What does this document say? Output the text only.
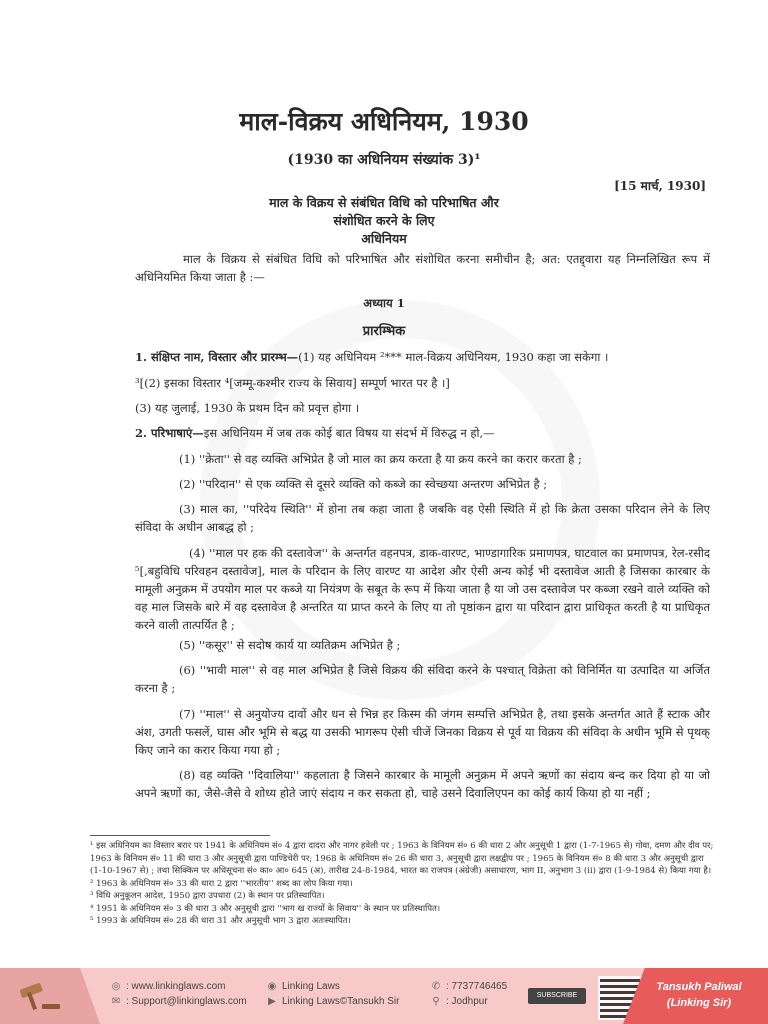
माल-विक्रय अधिनियम, 1930
(1930 का अधिनियम संख्यांक 3)¹
[15 मार्च, 1930]
माल के विक्रय से संबंधित विधि को परिभाषित और
संशोधित करने के लिए
अधिनियम
माल के विक्रय से संबंधित विधि को परिभाषित और संशोधित करना समीचीन है; अत: एतद्द्वारा यह निम्नलिखित रूप में अधिनियमित किया जाता है :—
अध्याय 1
प्रारम्भिक
1. संक्षिप्त नाम, विस्तार और प्रारम्भ—(1) यह अधिनियम ²*** माल-विक्रय अधिनियम, 1930 कहा जा सकेगा ।
³[(2) इसका विस्तार ⁴[जम्मू-कश्मीर राज्य के सिवाय] सम्पूर्ण भारत पर है ।]
(3) यह जुलाई, 1930 के प्रथम दिन को प्रवृत्त होगा ।
2. परिभाषाएं—इस अधिनियम में जब तक कोई बात विषय या संदर्भ में विरुद्ध न हो,—
(1) ''क्रेता'' से वह व्यक्ति अभिप्रेत है जो माल का क्रय करता है या क्रय करने का करार करता है ;
(2) ''परिदान'' से एक व्यक्ति से दूसरे व्यक्ति को कब्जे का स्वेच्छया अन्तरण अभिप्रेत है ;
(3) माल का, ''परिदेय स्थिति'' में होना तब कहा जाता है जबकि वह ऐसी स्थिति में हो कि क्रेता उसका परिदान लेने के लिए संविदा के अधीन आबद्ध हो ;
(4) ''माल पर हक की दस्तावेज'' के अन्तर्गत वहनपत्र, डाक-वारण्ट, भाण्डागारिक प्रमाणपत्र, घाटवाल का प्रमाणपत्र, रेल-रसीद ⁵[,बहुविधि परिवहन दस्तावेज], माल के परिदान के लिए वारण्ट या आदेश और ऐसी अन्य कोई भी दस्तावेज आती है जिसका कारबार के मामूली अनुक्रम में उपयोग माल पर कब्जे या नियंत्रण के सबूत के रूप में किया जाता है या जो उस दस्तावेज पर कब्जा रखने वाले व्यक्ति को वह माल जिसके बारे में वह दस्तावेज है अन्तरित या प्राप्त करने के लिए या तो पृष्ठांकन द्वारा या परिदान द्वारा प्राधिकृत करती है या प्राधिकृत करने वाली तात्पर्यित है ;
(5) ''कसूर'' से सदोष कार्य या व्यतिक्रम अभिप्रेत है ;
(6) ''भावी माल'' से वह माल अभिप्रेत है जिसे विक्रय की संविदा करने के पश्चात् विक्रेता को विनिर्मित या उत्पादित या अर्जित करना है ;
(7) ''माल'' से अनुयोज्य दावों और धन से भिन्न हर किस्म की जंगम सम्पत्ति अभिप्रेत है, तथा इसके अन्तर्गत आते हैं स्टाक और अंश, उगती फसलें, घास और भूमि से बद्ध या उसकी भागरूप ऐसी चीजें जिनका विक्रय से पूर्व या विक्रय की संविदा के अधीन भूमि से पृथक् किए जाने का करार किया गया हो ;
(8) वह व्यक्ति ''दिवालिया'' कहलाता है जिसने कारबार के मामूली अनुक्रम में अपने ऋणों का संदाय बन्द कर दिया हो या जो अपने ऋणों का, जैसे-जैसे वे शोध्य होते जाएं संदाय न कर सकता हो, चाहे उसने दिवालिएपन का कोई कार्य किया हो या नहीं ;
¹ इस अधिनियम का विस्तार बरार पर 1941 के अधिनियम सं० 4 द्वारा दादरा और नागर हवेली पर ; 1963 के विनियम सं० 6 की धारा 2 और अनुसूची 1 द्वारा (1-7-1965 से) गोवा, दमण और दीव पर; 1963 के विनियम सं० 11 की धारा 3 और अनुसूची द्वारा पाण्डिचेरी पर; 1968 के अधिनियम सं० 26 की धारा 3, अनुसूची द्वारा लक्षद्वीप पर ; 1965 के विनियम सं० 8 की धारा 3 और अनुसूची द्वारा (1-10-1967 से) ; तथा सिक्किम पर अधिसूचना सं० का० आ० 645 (अ), तारीख 24-8-1984, भारत का राजपत्र (अंग्रेजी) असाधारण, भाग II, अनुभाग 3 (ii) द्वारा (1-9-1984 से) किया गया है।
² 1963 के अधिनियम सं० 33 की धारा 2 द्वारा ''भारतीय'' शब्द का लोप किया गया।
³ विधि अनुकूलन आदेश, 1950 द्वारा उपधारा (2) के स्थान पर प्रतिस्थापित।
⁴ 1951 के अधिनियम सं० 3 की धारा 3 और अनुसूची द्वारा ''भाग ख राज्यों के सिवाय'' के स्थान पर प्रतिस्थापित।
⁵ 1993 के अधिनियम सं० 28 की धारा 31 और अनुसूची भाग 3 द्वारा अतःस्थापित।
◎ : www.linkinglaws.com
✉ : Support@linkinglaws.com
◉ Linking Laws
▶ Linking Laws©Tansukh Sir
✆ : 7737746465
⚲ : Jodhpur
SUBSCRIBE
Tansukh Paliwal
(Linking Sir)
